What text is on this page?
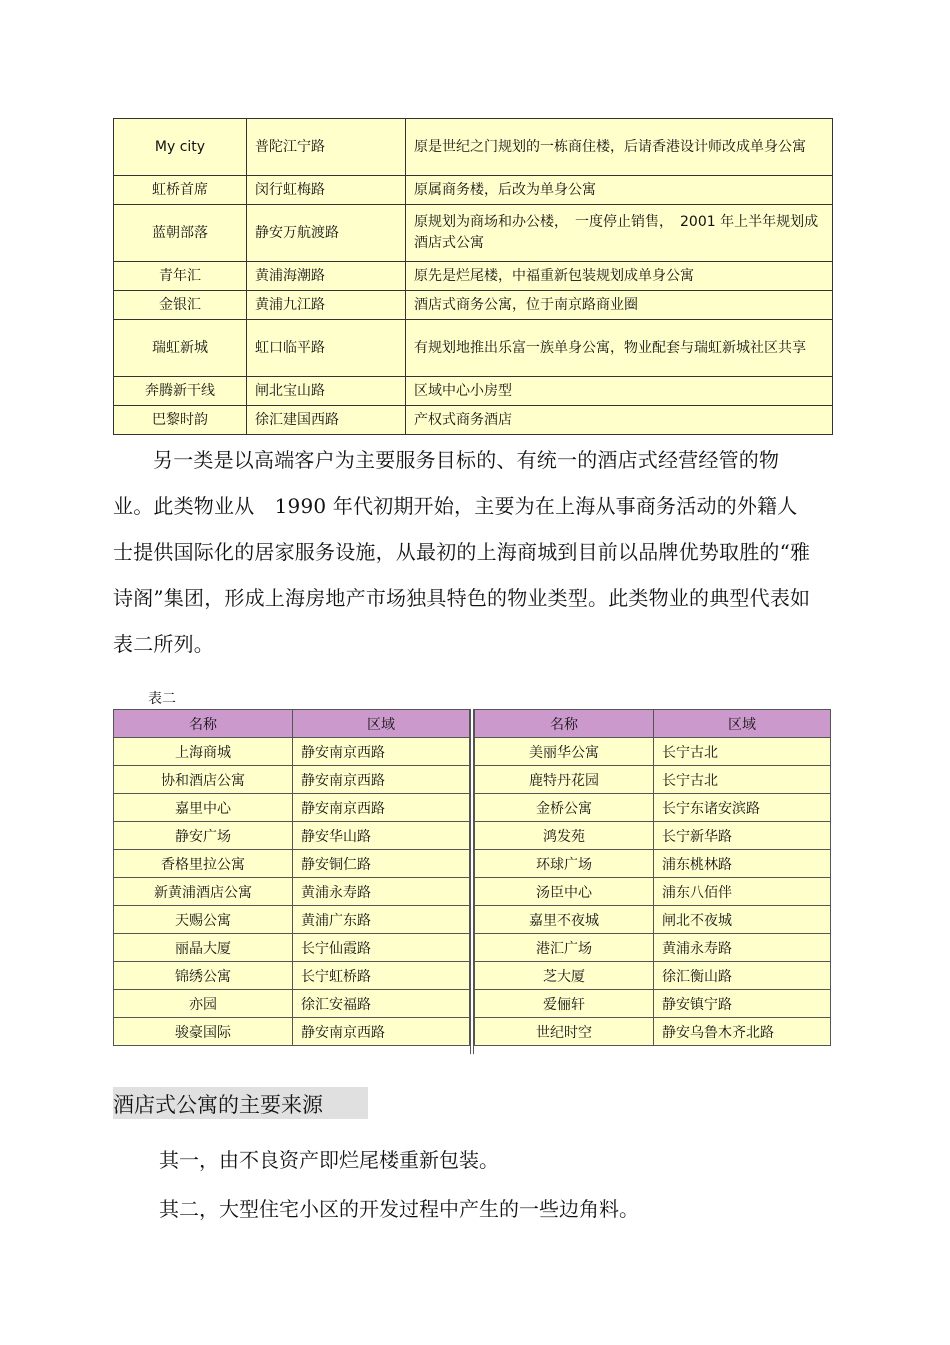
My city	普陀江宁路	原是世纪之门规划的一栋商住楼，后请香港设计师改成单身公寓
虹桥首席	闵行虹梅路	原属商务楼，后改为单身公寓
蓝朝部落	静安万航渡路	原规划为商场和办公楼，　一度停止销售，　2001 年上半年规划成酒店式公寓
青年汇	黄浦海潮路	原先是烂尾楼，中福重新包装规划成单身公寓
金银汇	黄浦九江路	酒店式商务公寓，位于南京路商业圈
瑞虹新城	虹口临平路	有规划地推出乐富一族单身公寓，物业配套与瑞虹新城社区共享
奔腾新干线	闸北宝山路	区域中心小房型
巴黎时韵	徐汇建国西路	产权式商务酒店
另一类是以高端客户为主要服务目标的、有统一的酒店式经营经管的物业。此类物业从　1990 年代初期开始，主要为在上海从事商务活动的外籍人士提供国际化的居家服务设施，从最初的上海商城到目前以品牌优势取胜的“雅诗阁”集团，形成上海房地产市场独具特色的物业类型。此类物业的典型代表如表二所列。
表二
名称	区域
上海商城	静安南京西路
协和酒店公寓	静安南京西路
嘉里中心	静安南京西路
静安广场	静安华山路
香格里拉公寓	静安铜仁路
新黄浦酒店公寓	黄浦永寿路
天赐公寓	黄浦广东路
丽晶大厦	长宁仙霞路
锦绣公寓	长宁虹桥路
亦园	徐汇安福路
骏豪国际	静安南京西路
名称	区域
美丽华公寓	长宁古北
鹿特丹花园	长宁古北
金桥公寓	长宁东诸安滨路
鸿发苑	长宁新华路
环球广场	浦东桃林路
汤臣中心	浦东八佰伴
嘉里不夜城	闸北不夜城
港汇广场	黄浦永寿路
芝大厦	徐汇衡山路
爱俪轩	静安镇宁路
世纪时空	静安乌鲁木齐北路
酒店式公寓的主要来源
其一，由不良资产即烂尾楼重新包装。
其二，大型住宅小区的开发过程中产生的一些边角料。
